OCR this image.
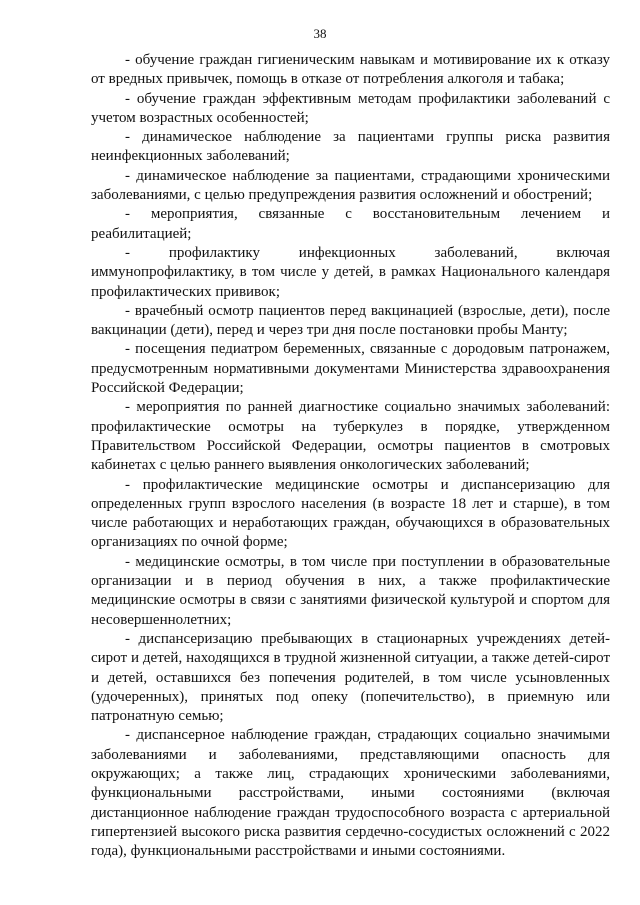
38

- обучение граждан гигиеническим навыкам и мотивирование их к отказу от вредных привычек, помощь в отказе от потребления алкоголя и табака;

- обучение граждан эффективным методам профилактики заболеваний с учетом возрастных особенностей;

- динамическое наблюдение за пациентами группы риска развития неинфекционных заболеваний;

- динамическое наблюдение за пациентами, страдающими хроническими заболеваниями, с целью предупреждения развития осложнений и обострений;

- мероприятия, связанные с восстановительным лечением и реабилитацией;

- профилактику инфекционных заболеваний, включая иммунопрофилактику, в том числе у детей, в рамках Национального календаря профилактических прививок;

- врачебный осмотр пациентов перед вакцинацией (взрослые, дети), после вакцинации (дети), перед и через три дня после постановки пробы Манту;

- посещения педиатром беременных, связанные с дородовым патронажем, предусмотренным нормативными документами Министерства здравоохранения Российской Федерации;

- мероприятия по ранней диагностике социально значимых заболеваний: профилактические осмотры на туберкулез в порядке, утвержденном Правительством Российской Федерации, осмотры пациентов в смотровых кабинетах с целью раннего выявления онкологических заболеваний;

- профилактические медицинские осмотры и диспансеризацию для определенных групп взрослого населения (в возрасте 18 лет и старше), в том числе работающих и неработающих граждан, обучающихся в образовательных организациях по очной форме;

- медицинские осмотры, в том числе при поступлении в образовательные организации и в период обучения в них, а также профилактические медицинские осмотры в связи с занятиями физической культурой и спортом для несовершеннолетних;

- диспансеризацию пребывающих в стационарных учреждениях детей-сирот и детей, находящихся в трудной жизненной ситуации, а также детей-сирот и детей, оставшихся без попечения родителей, в том числе усыновленных (удочеренных), принятых под опеку (попечительство), в приемную или патронатную семью;

- диспансерное наблюдение граждан, страдающих социально значимыми заболеваниями и заболеваниями, представляющими опасность для окружающих; а также лиц, страдающих хроническими заболеваниями, функциональными расстройствами, иными состояниями (включая дистанционное наблюдение граждан трудоспособного возраста с артериальной гипертензией высокого риска развития сердечно-сосудистых осложнений с 2022 года), функциональными расстройствами и иными состояниями.
